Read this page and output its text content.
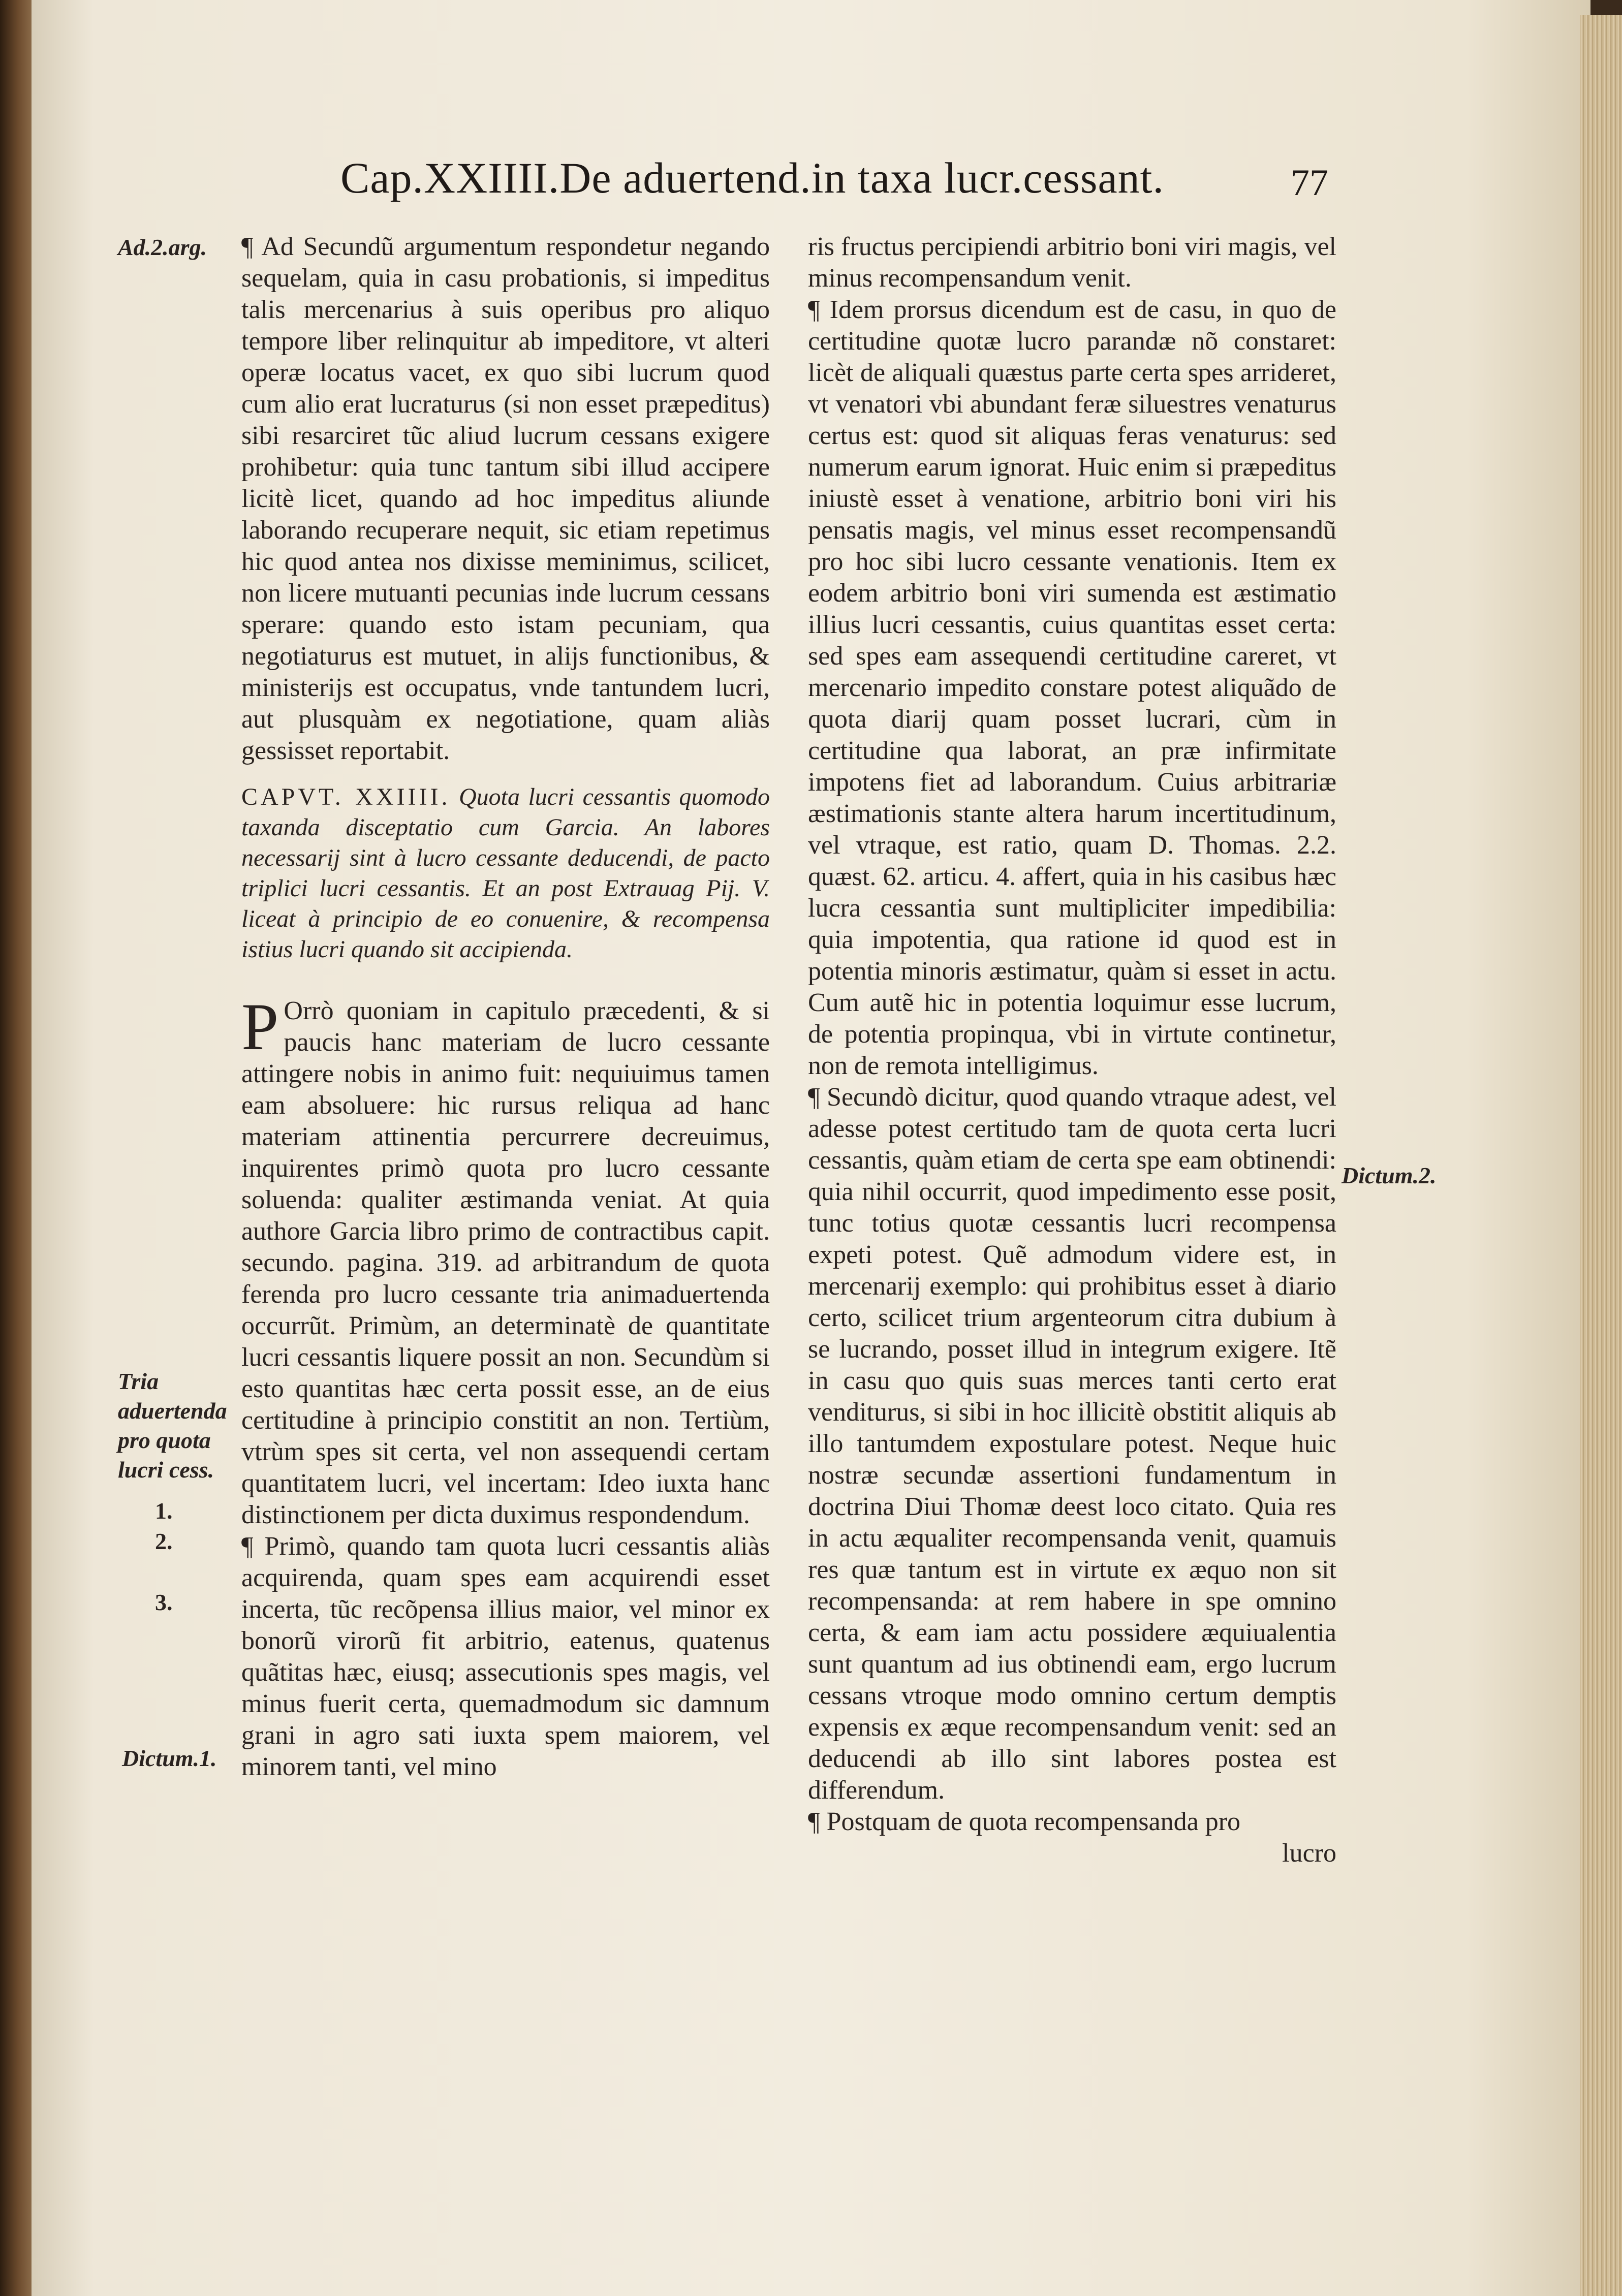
Cap.XXIIII.De aduertend.in taxa lucr.cessant.	77

¶ Ad Secundũ argumentum respondetur negando sequelam, quia in casu probationis, si impeditus talis mercenarius à suis operibus pro aliquo tempore liber relinquitur ab impeditore, vt alteri operæ locatus vacet, ex quo sibi lucrum quod cum alio erat lucraturus (si non esset præpeditus) sibi resarciret tũc aliud lucrum cessans exigere prohibetur: quia tunc tantum sibi illud accipere licitè licet, quando ad hoc impeditus aliunde laborando recuperare nequit, sic etiam repetimus hic quod antea nos dixisse meminimus, scilicet, non licere mutuanti pecunias inde lucrum cessans sperare: quando esto istam pecuniam, qua negotiaturus est mutuet, in alijs functionibus, & ministerijs est occupatus, vnde tantundem lucri, aut plusquàm ex negotiatione, quam aliàs gessisset reportabit.

CAPVT. XXIIII. Quota lucri cessantis quomodo taxanda disceptatio cum Garcia. An labores necessarij sint à lucro cessante deducendi, de pacto triplici lucri cessantis. Et an post Extrauag Pij. V. liceat à principio de eo conuenire, & recompensa istius lucri quando sit accipienda.

P Orrò quoniam in capitulo præcedenti, & si paucis hanc materiam de lucro cessante attingere nobis in animo fuit: nequiuimus tamen eam absoluere: hic rursus reliqua ad hanc materiam attinentia percurrere decreuimus, inquirentes primò quota pro lucro cessante soluenda: qualiter æstimanda veniat. At quia authore Garcia libro primo de contractibus capit. secundo. pagina. 319. ad arbitrandum de quota ferenda pro lucro cessante tria animaduertenda occurrũt. Primùm, an determinatè de quantitate lucri cessantis liquere possit an non. Secundùm si esto quantitas hæc certa possit esse, an de eius certitudine à principio constitit an non. Tertiùm, vtrùm spes sit certa, vel non assequendi certam quantitatem lucri, vel incertam: Ideo iuxta hanc distinctionem per dicta duximus respondendum.

¶ Primò, quando tam quota lucri cessantis aliàs acquirenda, quam spes eam acquirendi esset incerta, tũc recõpensa illius maior, vel minor ex bonorũ virorũ fit arbitrio, eatenus, quatenus quãtitas hæc, eiusq; assecutionis spes magis, vel minus fuerit certa, quemadmodum sic damnum grani in agro sati iuxta spem maiorem, vel minorem tanti, vel mino

ris fructus percipiendi arbitrio boni viri magis, vel minus recompensandum venit.

¶ Idem prorsus dicendum est de casu, in quo de certitudine quotæ lucro parandæ nõ constaret: licèt de aliquali quæstus parte certa spes arrideret, vt venatori vbi abundant feræ siluestres venaturus certus est: quod sit aliquas feras venaturus: sed numerum earum ignorat. Huic enim si præpeditus iniustè esset à venatione, arbitrio boni viri his pensatis magis, vel minus esset recompensandũ pro hoc sibi lucro cessante venationis. Item ex eodem arbitrio boni viri sumenda est æstimatio illius lucri cessantis, cuius quantitas esset certa: sed spes eam assequendi certitudine careret, vt mercenario impedito constare potest aliquãdo de quota diarij quam posset lucrari, cùm in certitudine qua laborat, an præ infirmitate impotens fiet ad laborandum. Cuius arbitrariæ æstimationis stante altera harum incertitudinum, vel vtraque, est ratio, quam D. Thomas. 2.2. quæst. 62. articu. 4. affert, quia in his casibus hæc lucra cessantia sunt multipliciter impedibilia: quia impotentia, qua ratione id quod est in potentia minoris æstimatur, quàm si esset in actu. Cum autẽ hic in potentia loquimur esse lucrum, de potentia propinqua, vbi in virtute continetur, non de remota intelligimus.

¶ Secundò dicitur, quod quando vtraque adest, vel adesse potest certitudo tam de quota certa lucri cessantis, quàm etiam de certa spe eam obtinendi: quia nihil occurrit, quod impedimento esse posit, tunc totius quotæ cessantis lucri recompensa expeti potest. Quẽ admodum videre est, in mercenarij exemplo: qui prohibitus esset à diario certo, scilicet trium argenteorum citra dubium à se lucrando, posset illud in integrum exigere. Itẽ in casu quo quis suas merces tanti certo erat venditurus, si sibi in hoc illicitè obstitit aliquis ab illo tantumdem expostulare potest. Neque huic nostræ secundæ assertioni fundamentum in doctrina Diui Thomæ deest loco citato. Quia res in actu æqualiter recompensanda venit, quamuis res quæ tantum est in virtute ex æquo non sit recompensanda: at rem habere in spe omnino certa, & eam iam actu possidere æquiualentia sunt quantum ad ius obtinendi eam, ergo lucrum cessans vtroque modo omnino certum demptis expensis ex æque recompensandum venit: sed an deducendi ab illo sint labores postea est differendum.

¶ Postquam de quota recompensanda pro

lucro

Ad.2.arg.
Tria aduertenda pro quota lucri cess.
1.
2.
3.
Dictum.1.
Dictum.2.
